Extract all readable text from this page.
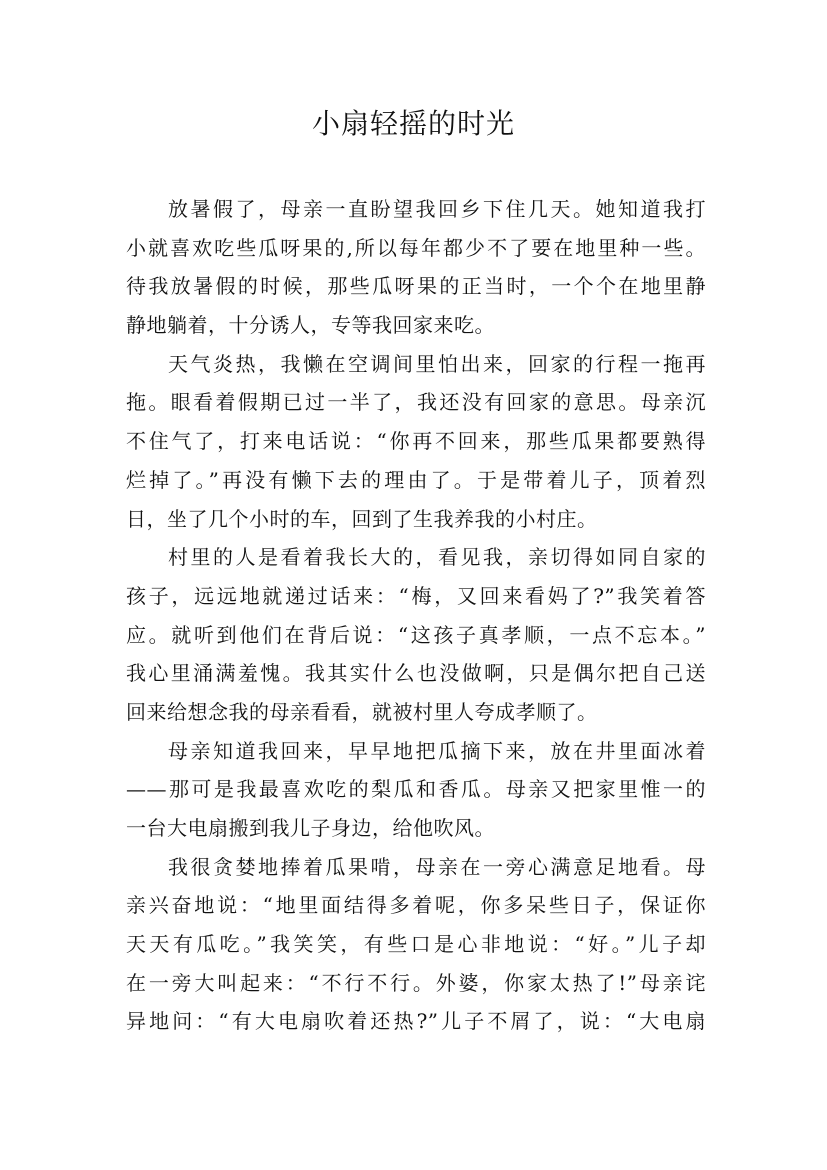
小扇轻摇的时光
放暑假了，母亲一直盼望我回乡下住几天。她知道我打
小就喜欢吃些瓜呀果的,所以每年都少不了要在地里种一些。
待我放暑假的时候，那些瓜呀果的正当时，一个个在地里静
静地躺着，十分诱人，专等我回家来吃。
天气炎热，我懒在空调间里怕出来，回家的行程一拖再
拖。眼看着假期已过一半了，我还没有回家的意思。母亲沉
不住气了，打来电话说：“你再不回来，那些瓜果都要熟得
烂掉了。”再没有懒下去的理由了。于是带着儿子，顶着烈
日，坐了几个小时的车，回到了生我养我的小村庄。
村里的人是看着我长大的，看见我，亲切得如同自家的
孩子，远远地就递过话来：“梅，又回来看妈了?”我笑着答
应。就听到他们在背后说：“这孩子真孝顺，一点不忘本。”
我心里涌满羞愧。我其实什么也没做啊，只是偶尔把自己送
回来给想念我的母亲看看，就被村里人夸成孝顺了。
母亲知道我回来，早早地把瓜摘下来，放在井里面冰着
——那可是我最喜欢吃的梨瓜和香瓜。母亲又把家里惟一的
一台大电扇搬到我儿子身边，给他吹风。
我很贪婪地捧着瓜果啃，母亲在一旁心满意足地看。母
亲兴奋地说：“地里面结得多着呢，你多呆些日子，保证你
天天有瓜吃。”我笑笑，有些口是心非地说：“好。”儿子却
在一旁大叫起来：“不行不行。外婆，你家太热了!”母亲诧
异地问：“有大电扇吹着还热?”儿子不屑了，说：“大电扇
